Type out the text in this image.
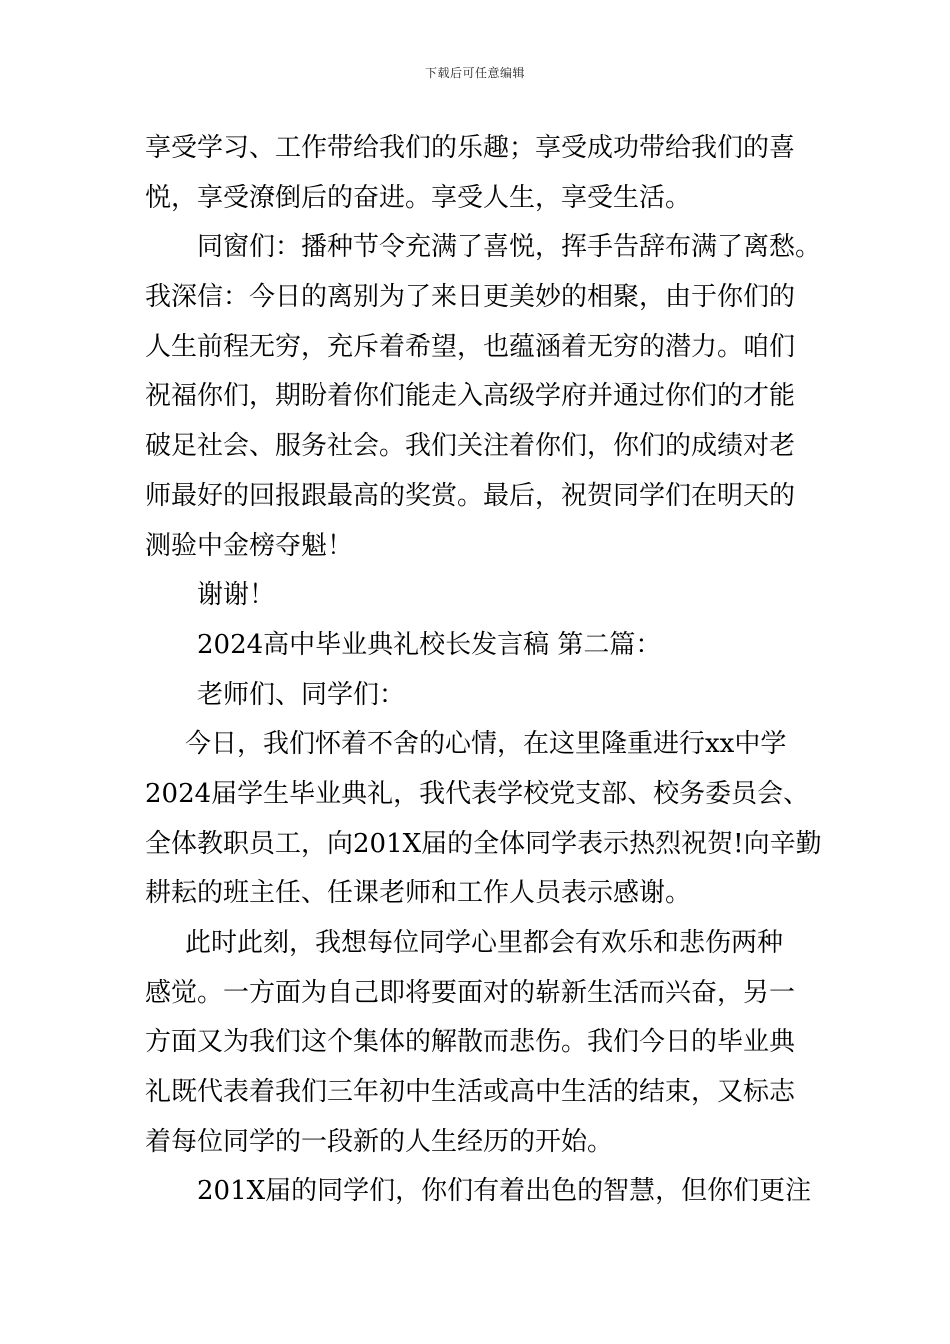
下载后可任意编辑
享受学习、工作带给我们的乐趣；享受成功带给我们的喜
悦，享受潦倒后的奋进。享受人生，享受生活。
同窗们：播种节令充满了喜悦，挥手告辞布满了离愁。
我深信：今日的离别为了来日更美妙的相聚，由于你们的
人生前程无穷，充斥着希望，也蕴涵着无穷的潜力。咱们
祝福你们，期盼着你们能走入高级学府并通过你们的才能
破足社会、服务社会。我们关注着你们，你们的成绩对老
师最好的回报跟最高的奖赏。最后，祝贺同学们在明天的
测验中金榜夺魁！
谢谢！
2024高中毕业典礼校长发言稿 第二篇：
老师们、同学们：
今日，我们怀着不舍的心情，在这里隆重进行xx中学
2024届学生毕业典礼，我代表学校党支部、校务委员会、
全体教职员工，向201X届的全体同学表示热烈祝贺!向辛勤
耕耘的班主任、任课老师和工作人员表示感谢。
此时此刻，我想每位同学心里都会有欢乐和悲伤两种
感觉。一方面为自己即将要面对的崭新生活而兴奋，另一
方面又为我们这个集体的解散而悲伤。我们今日的毕业典
礼既代表着我们三年初中生活或高中生活的结束，又标志
着每位同学的一段新的人生经历的开始。
201X届的同学们，你们有着出色的智慧，但你们更注
